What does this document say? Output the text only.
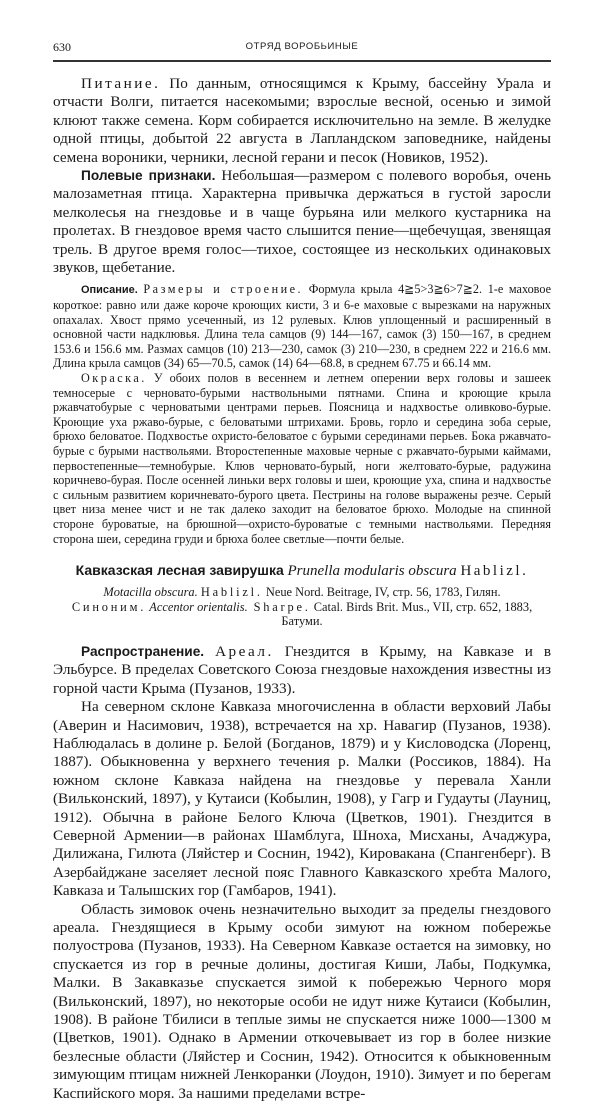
630	ОТРЯД ВОРОБЬИНЫЕ

Питание. По данным, относящимся к Крыму, бассейну Урала и отчасти Волги, питается насекомыми; взрослые весной, осенью и зимой клюют также семена. Корм собирается исключительно на земле. В желудке одной птицы, добытой 22 августа в Лапландском заповеднике, найдены семена вороники, черники, лесной герани и песок (Новиков, 1952).

Полевые признаки. Небольшая—размером с полевого воробья, очень малозаметная птица. Характерна привычка держаться в густой заросли мелколесья на гнездовье и в чаще бурьяна или мелкого кустарника на пролетах. В гнездовое время часто слышится пение—щебечущая, звенящая трель. В другое время голос—тихое, состоящее из нескольких одинаковых звуков, щебетание.

Описание. Размеры и строение. Формула крыла 4≧5>3≧6>7≧2. 1-е маховое короткое: равно или даже короче кроющих кисти, 3 и 6-е маховые с вырезками на наружных опахалах. Хвост прямо усеченный, из 12 рулевых. Клюв уплощенный и расширенный в основной части надклювья. Длина тела самцов (9) 144—167, самок (3) 150—167, в среднем 153.6 и 156.6 мм. Размах самцов (10) 213—230, самок (3) 210—230, в среднем 222 и 216.6 мм. Длина крыла самцов (34) 65—70.5, самок (14) 64—68.8, в среднем 67.75 и 66.14 мм.

Окраска. У обоих полов в весеннем и летнем оперении верх головы и зашеек темносерые с черновато-бурыми наствольными пятнами. Спина и кроющие крыла ржавчатобурые с черноватыми центрами перьев. Поясница и надхвостье оливково-бурые. Кроющие уха ржаво-бурые, с беловатыми штрихами. Бровь, горло и середина зоба серые, брюхо беловатое. Подхвостье охристо-беловатое с бурыми серединами перьев. Бока ржавчато-бурые с бурыми наствольями. Второстепенные маховые черные с ржавчато-бурыми каймами, первостепенные—темнобурые. Клюв черновато-бурый, ноги желтовато-бурые, радужина коричнево-бурая. После осенней линьки верх головы и шеи, кроющие уха, спина и надхвостье с сильным развитием коричневато-бурого цвета. Пестрины на голове выражены резче. Серый цвет низа менее чист и не так далеко заходит на беловатое брюхо. Молодые на спинной стороне буроватые, на брюшной—охристо-буроватые с темными наствольями. Передняя сторона шеи, середина груди и брюха более светлые—почти белые.

Кавказская лесная завирушка Prunella modularis obscura Hablizl.
Motacilla obscura. Hablizl. Neue Nord. Beitrage, IV, стр. 56, 1783, Гилян.
Синоним. Accentor orientalis. Sharpe. Catal. Birds Brit. Mus., VII, стр. 652, 1883, Батуми.

Распространение. Ареал. Гнездится в Крыму, на Кавказе и в Эльбурсе. В пределах Советского Союза гнездовые нахождения известны из горной части Крыма (Пузанов, 1933).

На северном склоне Кавказа многочисленна в области верховий Лабы (Аверин и Насимович, 1938), встречается на хр. Навагир (Пузанов, 1938). Наблюдалась в долине р. Белой (Богданов, 1879) и у Кисловодска (Лоренц, 1887). Обыкновенна у верхнего течения р. Малки (Россиков, 1884). На южном склоне Кавказа найдена на гнездовье у перевала Ханли (Вильконский, 1897), у Кутаиси (Кобылин, 1908), у Гагр и Гудауты (Лауниц, 1912). Обычна в районе Белого Ключа (Цветков, 1901). Гнездится в Северной Армении—в районах Шамблуга, Шноха, Мисханы, Ачаджура, Дилижана, Гилюта (Ляйстер и Соснин, 1942), Кировакана (Спангенберг). В Азербайджане заселяет лесной пояс Главного Кавказского хребта Малого, Кавказа и Талышских гор (Гамбаров, 1941).

Область зимовок очень незначительно выходит за пределы гнездового ареала. Гнездящиеся в Крыму особи зимуют на южном побережье полуострова (Пузанов, 1933). На Северном Кавказе остается на зимовку, но спускается из гор в речные долины, достигая Киши, Лабы, Подкумка, Малки. В Закавказье спускается зимой к побережью Черного моря (Вильконский, 1897), но некоторые особи не идут ниже Кутаиси (Кобылин, 1908). В районе Тбилиси в теплые зимы не спускается ниже 1000—1300 м (Цветков, 1901). Однако в Армении откочевывает из гор в более низкие безлесные области (Ляйстер и Соснин, 1942). Относится к обыкновенным зимующим птицам нижней Ленкоранки (Лоудон, 1910). Зимует и по берегам Каспийского моря. За нашими пределами встре-
